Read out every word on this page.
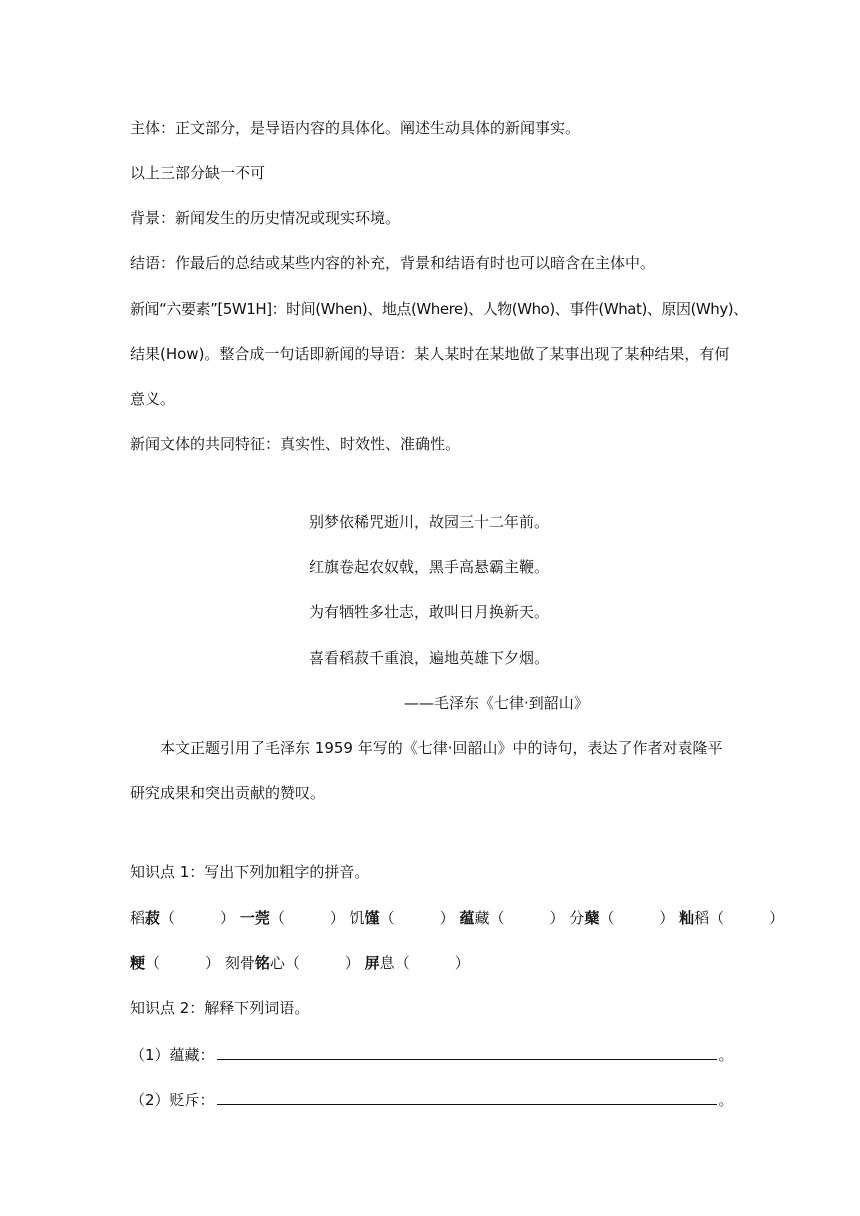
主体：正文部分，是导语内容的具体化。阐述生动具体的新闻事实。
以上三部分缺一不可
背景：新闻发生的历史情况或现实环境。
结语：作最后的总结或某些内容的补充，背景和结语有时也可以暗含在主体中。
新闻“六要素”[5W1H]：时间(When)、地点(Where)、人物(Who)、事件(What)、原因(Why)、
结果(How)。整合成一句话即新闻的导语：某人某时在某地做了某事出现了某种结果，有何
意义。
新闻文体的共同特征：真实性、时效性、准确性。
别梦依稀咒逝川，故园三十二年前。
红旗卷起农奴戟，黑手高悬霸主鞭。
为有牺牲多壮志，敢叫日月换新天。
喜看稻菽千重浪，遍地英雄下夕烟。
——毛泽东《七律·到韶山》
本文正题引用了毛泽东 1959 年写的《七律·回韶山》中的诗句，表达了作者对袁隆平
研究成果和突出贡献的赞叹。
知识点 1：写出下列加粗字的拼音。
稻菽（　　　） 一莞（　　　） 饥馑（　　　） 蕴藏（　　　） 分蘖（　　　） 籼稻（　　　）
粳（　　　） 刻骨铭心（　　　） 屏息（　　　）
知识点 2：解释下列词语。
（1）蕴藏：	。
（2）贬斥：	。
